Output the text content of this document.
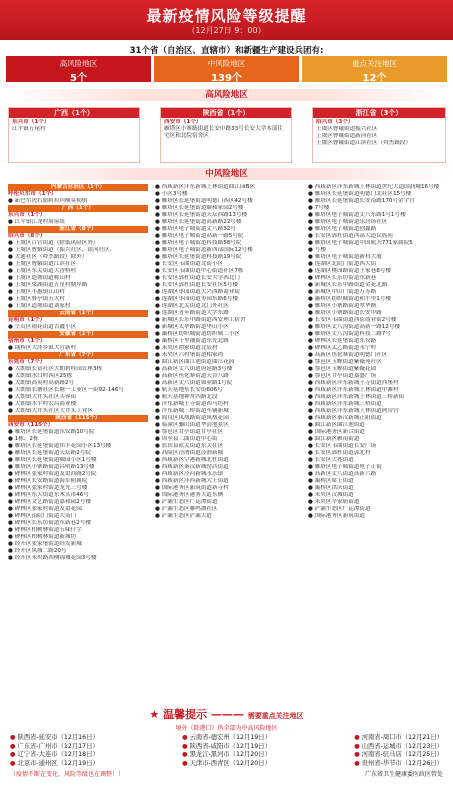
最新疫情风险等级提醒
（12月27日 9：00）
31个省（自治区、直辖市）和新疆生产建设兵团有:
高风险地区
5个
中风险地区
139个
重点关注地区
12个
高风险地区
广西（1个）
东兴市（1个）
江平镇万尾村
陕西省（1个）
西安市（1个）
雁塔区小寨路街道长安中路33号长安大学本部住宅区和北院宿舍区
浙江省（3个）
绍兴市（3个）
上虞区曹娥街道振兴社区
上虞区曹娥街道新河社区
上虞区曹娥街道江滨社区（舜杰路段）
中风险地区
内蒙古自治区（1个）
呼伦贝尔市（1个）
● 新巴尔虎右旗阿拉坦额莫勒镇
广西（1个）
东兴市（1个）
● 江平镇江龙村周屋组
浙江省（8个）
绍兴市（8个）
● 上虞区百官街道（除低风险区外）
● 上虞区曹娥街道（振兴社区、银河社区、
● 大通社区（舜杰路段）除外）
● 上虞区曹娥街道江滨社区
● 上虞区东关街道大香桥村
● 上虞区道墟街道称山村
● 上虞区梁湖街道五星村塘岸路
● 上虞区丰惠镇江山村
● 上虞区驿亭镇五夫村
● 上虞区道墟街道刘家村
云南省（1个）
昆明市（1个）
● 呈贡区雨花街道吉鑫小区
安徽省（1个）
宿州市（1个）
● 埇桥区大泽乡镇大营新村
广东省（7个）
东莞市（7个）
● 大朗镇长富社区大朗碧桂园首座3栋
● 大朗镇水口村西区25栋
● 大朗镇高英村高新路2号
● 大朗镇长塘社区长塘一工业区一街92-146号
● 大朗镇大井头社区芙蓉街
● 大朗镇水平村宏昌商业楼
● 大朗镇大井头社区大井头工业区
陕西省（115个）
西安市（115个）
● 雁塔区长延堡街道东仪路10号院
● 1栋、2栋
● 雁塔区长延堡街道伟丰花园小区13号楼
● 雁塔区长延堡街道天坛路2号院
● 雁塔区长延堡街道颐园小区1号楼
● 雁塔区小寨路街道昌明路13号楼
● 碑林区张家村街道友谊西路2号院
● 碑林区长安路街道海军附属院
● 碑林区张家村街道龙光三号楼
● 碑林区东大街道东木头市46号
● 碑林区文艺路街道嘉和园2号楼
● 碑林区张家村街道友谊花园
● 碑林区南院门街道大南门
● 碑林区长乐坊街道东新巷2号楼
● 碑林区柏树林街道五味什字
● 碑林区柏树林街道新城坊
● 经开区张家堡街道经发新城
● 经开区凤城二路20号
● 经开区未央路西侧锦城花园3号楼
● 西咸新区沣东新城上林街道曲江园B区
● 小区3号楼
● 雁塔区长延堡街道明德门西区42号楼
● 雁塔区长延堡街道颐和家园2号楼
● 雁塔区长延堡街道天坛西路13号楼
● 雁塔区长延堡街道高新路22号楼
● 雁塔区电子城街道丈八路32号
● 雁塔区电子城街道高新一路5号院
● 雁塔区电子城街道科技路58号院
● 雁塔区电子城街道新西部国际12号楼
● 雁塔区长延堡街道科技路19号院
● 长安区韦曲街道北街小区
● 长安区韦曲街道中心街道社区7栋
● 长安区郭杜街道长安大学西北门
● 长安区郭杜街道长安社区5号楼
● 莲湖区枣园街道大兴西路商业街
● 莲湖区枣园街道枣园东路6号楼
● 莲湖区北关街道北门外社区
● 莲湖区青年路街道大学东路
● 新城区长乐中路街道西安理工宿舍
● 新城区太华路街道华山小区
● 灞桥区纺织城街道纺织城二小区
● 灞桥区十里铺街道东光北路
● 未央区谭家街道北辰村
● 未央区六村堡街道相家湾
● 曲江新区曲江池街道曲江花园
● 高新区丈八街道唐延路3号楼
● 高新区鱼化寨街道天谷八路
● 高新区丈八街道锦业路1号院
● 航天基地东长安街606号
● 航天基地神舟四路北段
● 沣东新城王寺街道西马坊村
● 沣东新城三桥街道车辆新城
● 阎良区凤凰路街道凤凰花园
● 临潼区骊山街道华清池景区
● 鄠邑区甘亭街道甘亭社区
● 周至县二曲街道中心街
● 蓝田县蓝关街道东关社区
● 高陵区泾渭街道泾渭新城
● 西咸新区空港新城北杜街道
● 西咸新区秦汉新城窑店街道
● 西咸新区泾河新城永乐镇
● 西咸新区沣西新城大王街道
● 国际港务区新筑街道新寺村
● 国际港务区港务大道东侧
● 浐灞生态区广运潭街道
● 浐灞生态区雁鸣湖社区
● 浐灞生态区浐灞大道
● 西咸新区沣东新城上林街道世纪大道国润城16号楼
● 雁塔区长延堡街道明德门北社区15号楼
● 雁塔区长延堡街道长安南路170号金宇宫
● 7号楼
● 雁塔区电子城街道丈八东路1号1号楼
● 雁塔区电子城街道乐居场社区
● 雁塔区电子城街道创鑫路
● 长安区郭杜街道西部大道民族苑
● 雁塔区电子城街道中国航天771家属院5
● 号楼
● 雁塔区电子城街道新科大厦
● 莲湖区北院门街道西大街
● 莲湖区桃园路街道王家巷8号楼
● 碑林区长乐坊街道东新巷
● 新城区长乐中路街道金花北路
● 新城区中山门街道万寿路
● 灞桥区纺织城街道和平里1号楼
● 雁塔区小寨路街道翠华路
● 雁塔区小寨路街道长安中路
● 长安区韦曲街道西街商业街2号楼
● 雁塔区丈八沟街道高新一路12号楼
● 雁塔区丈八沟街道科技二路7号
● 碑林区长延堡街道东仪路
● 碑林区太乙路街道永宁村
● 高新区鱼化寨街道明德门社区
● 鄠邑区玉蝉街道紫薇苑社区
● 鄠邑区玉蝉街道紫薇花园
● 鄠邑区甘亭街道嘉盛广场
● 西咸新区沣东新城王寺街道西堡村
● 西咸新区沣东新城上林街道中滩村
● 西咸新区沣东新城上林街道三桥新街
● 西咸新区沣东新城三桥街道
● 西咸新区沣东新城上林街道阿房宫
● 西咸新区秦汉新城正阳街道
● 曲江新区曲江池街道
● 国际港务区新合街道
● 曲江新区雁南街道
● 长安区韦曲街道长安广场
● 长安区郭杜街道郭北村
● 长安区大兆街道
● 雁塔区电子城街道电子正街
● 高新区丈八街道高新六路
● 灞桥区席王街道
● 灞桥区洪庆街道
● 未央区汉城街道
● 未央区辛家庙街道
● 浐灞生态区广运潭街道
● 国际港务区新筑街道
★ 温馨提示 ——— 需要重点关注地区
境外（除港口）仍全部为中高风险地区
● 陕西省-延安市（12月16日）
● 广东省-广州市（12月17日）
● 辽宁省-大连市（12月18日）
● 北京市-通州区（12月19日）
● 云南省-德宏州（12月19日）
● 陕西省-咸阳市（12月19日）
● 黑龙江-黑河市（12月20日）
● 天津市-西青区（12月20日）
● 河南省-周口市（12月21日）
● 山西省-运城市（12月23日）
● 河南省-驻马店（12月25日）
● 贵州省-毕节市（12月26日）
（疫情不断在变化，风险等级也在调整！）	广东省卫生健康委医政医管处
